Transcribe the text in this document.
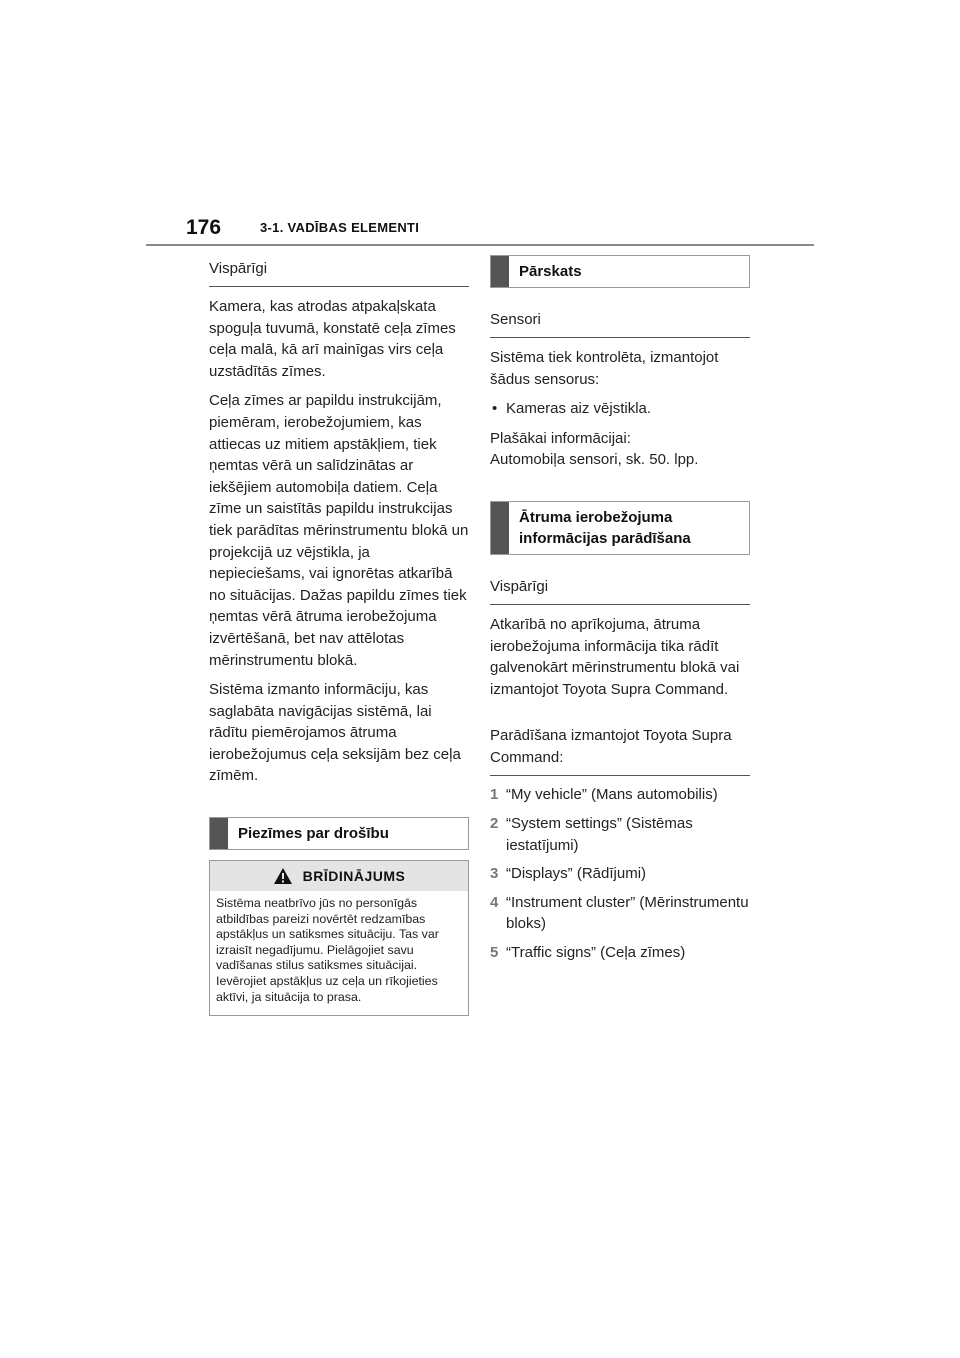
176	3-1. VADĪBAS ELEMENTI
Vispārīgi

Kamera, kas atrodas atpakaļskata spoguļa tuvumā, konstatē ceļa zīmes ceļa malā, kā arī mainīgas virs ceļa uzstādītās zīmes.

Ceļa zīmes ar papildu instrukcijām, piemēram, ierobežojumiem, kas attiecas uz mitiem apstākļiem, tiek ņemtas vērā un salīdzinātas ar iekšējiem automobiļa datiem. Ceļa zīme un saistītās papildu instrukcijas tiek parādītas mērinstrumentu blokā un projekcijā uz vējstikla, ja nepieciešams, vai ignorētas atkarībā no situācijas. Dažas papildu zīmes tiek ņemtas vērā ātruma ierobežojuma izvērtēšanā, bet nav attēlotas mērinstrumentu blokā.

Sistēma izmanto informāciju, kas saglabāta navigācijas sistēmā, lai rādītu piemērojamos ātruma ierobežojumus ceļa seksijām bez ceļa zīmēm.

Piezīmes par drošību
BRĪDINĀJUMS
Sistēma neatbrīvo jūs no personīgās atbildības pareizi novērtēt redzamības apstākļus un satiksmes situāciju. Tas var izraisīt negadījumu. Pielāgojiet savu vadīšanas stilus satiksmes situācijai. Ievērojiet apstākļus uz ceļa un rīkojieties aktīvi, ja situācija to prasa.
Pārskats
Sensori

Sistēma tiek kontrolēta, izmantojot šādus sensorus:

• Kameras aiz vējstikla.

Plašākai informācijai:

Automobiļa sensori, sk. 50. lpp.

Ātruma ierobežojuma informācijas parādīšana
Vispārīgi

Atkarībā no aprīkojuma, ātruma ierobežojuma informācija tika rādīt galvenokārt mērinstrumentu blokā vai izmantojot Toyota Supra Command.

Parādīšana izmantojot Toyota Supra Command:
1 “My vehicle” (Mans automobilis)
2 “System settings” (Sistēmas iestatījumi)
3 “Displays” (Rādījumi)
4 “Instrument cluster” (Mērinstrumentu bloks)
5 “Traffic signs” (Ceļa zīmes)
